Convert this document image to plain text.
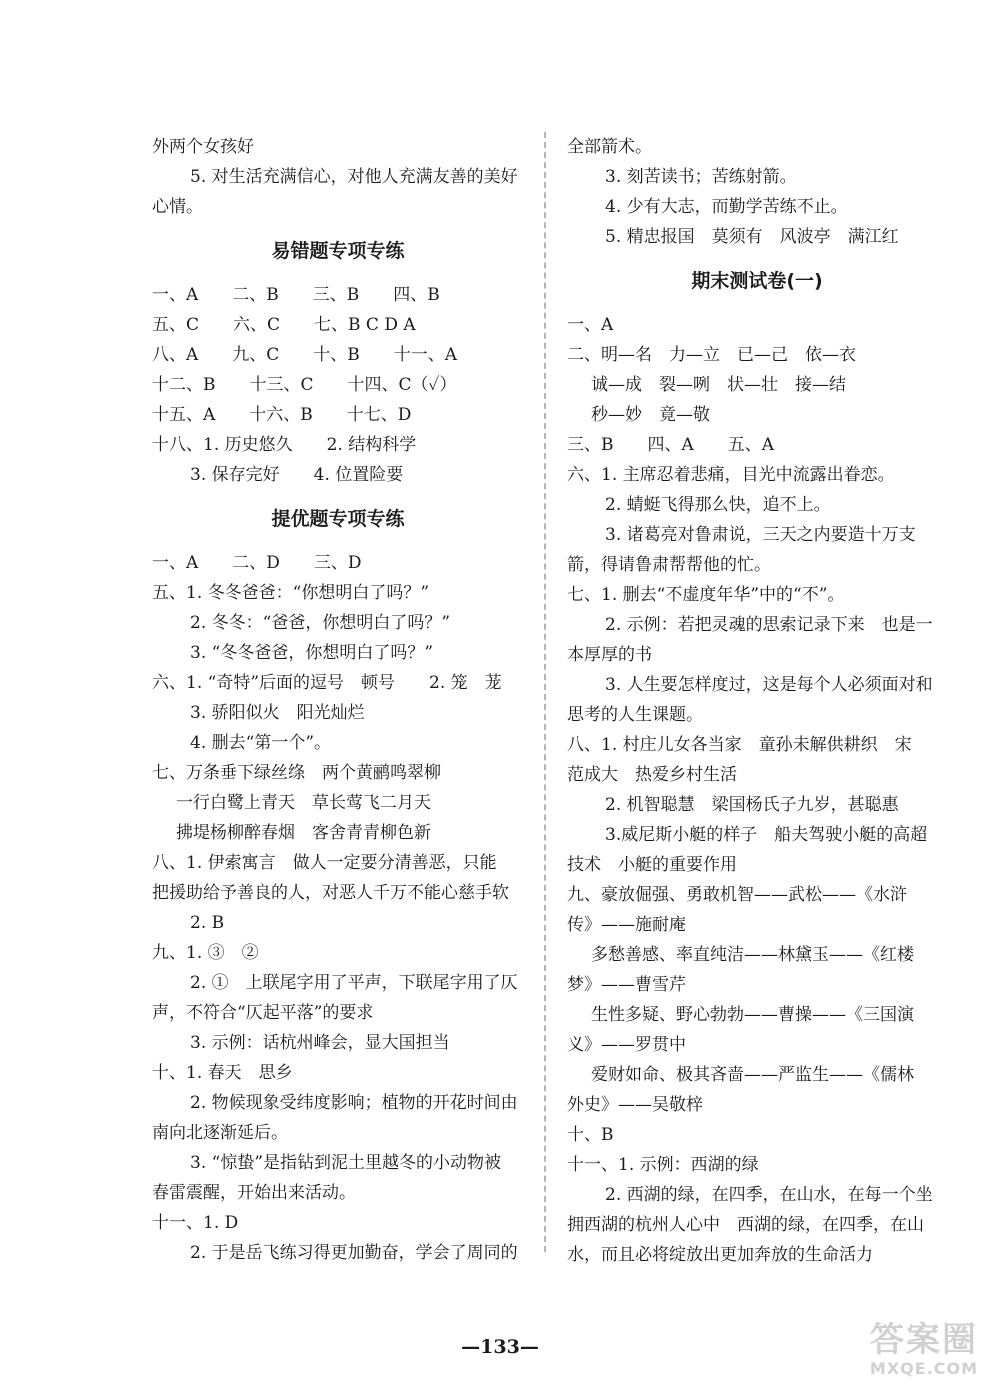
外两个女孩好
5. 对生活充满信心，对他人充满友善的美好
心情。
易错题专项专练
一、A　　二、B　　三、B　　四、B
五、C　　六、C　　七、B C D A
八、A　　九、C　　十、B　　十一、A
十二、B　　十三、C　　十四、C（✓）
十五、A　　十六、B　　十七、D
十八、1. 历史悠久　　2. 结构科学
3. 保存完好　　4. 位置险要
提优题专项专练
一、A　　二、D　　三、D
五、1. 冬冬爸爸：“你想明白了吗？”
2. 冬冬：“爸爸，你想明白了吗？”
3. “冬冬爸爸，你想明白了吗？”
六、1. “奇特”后面的逗号　顿号　　2. 笼　茏
3. 骄阳似火　阳光灿烂
4. 删去“第一个”。
七、万条垂下绿丝绦　两个黄鹂鸣翠柳
一行白鹭上青天　草长莺飞二月天
拂堤杨柳醉春烟　客舍青青柳色新
八、1. 伊索寓言　做人一定要分清善恶，只能
把援助给予善良的人，对恶人千万不能心慈手软
2. B
九、1. ③　②
2. ①　上联尾字用了平声，下联尾字用了仄
声，不符合“仄起平落”的要求
3. 示例：话杭州峰会，显大国担当
十、1. 春天　思乡
2. 物候现象受纬度影响；植物的开花时间由
南向北逐渐延后。
3. “惊蛰”是指钻到泥土里越冬的小动物被
春雷震醒，开始出来活动。
十一、1. D
2. 于是岳飞练习得更加勤奋，学会了周同的
全部箭术。
3. 刻苦读书；苦练射箭。
4. 少有大志，而勤学苦练不止。
5. 精忠报国　莫须有　风波亭　满江红
期末测试卷(一)
一、A
二、明—名　力—立　已—己　依—衣
诚—成　裂—咧　状—壮　接—结
秒—妙　竟—敬
三、B　　四、A　　五、A
六、1. 主席忍着悲痛，目光中流露出眷恋。
2. 蜻蜓飞得那么快，追不上。
3. 诸葛亮对鲁肃说，三天之内要造十万支
箭，得请鲁肃帮帮他的忙。
七、1. 删去“不虚度年华”中的“不”。
2. 示例：若把灵魂的思索记录下来　也是一
本厚厚的书
3. 人生要怎样度过，这是每个人必须面对和
思考的人生课题。
八、1. 村庄儿女各当家　童孙未解供耕织　宋
范成大　热爱乡村生活
2. 机智聪慧　梁国杨氏子九岁，甚聪惠
3.威尼斯小艇的样子　船夫驾驶小艇的高超
技术　小艇的重要作用
九、豪放倔强、勇敢机智——武松——《水浒
传》——施耐庵
多愁善感、率直纯洁——林黛玉——《红楼
梦》——曹雪芹
生性多疑、野心勃勃——曹操——《三国演
义》——罗贯中
爱财如命、极其吝啬——严监生——《儒林
外史》——吴敬梓
十、B
十一、1. 示例：西湖的绿
2. 西湖的绿，在四季，在山水，在每一个坐
拥西湖的杭州人心中　西湖的绿，在四季，在山
水，而且必将绽放出更加奔放的生命活力
—133—	答案圈
MXQE.COM
